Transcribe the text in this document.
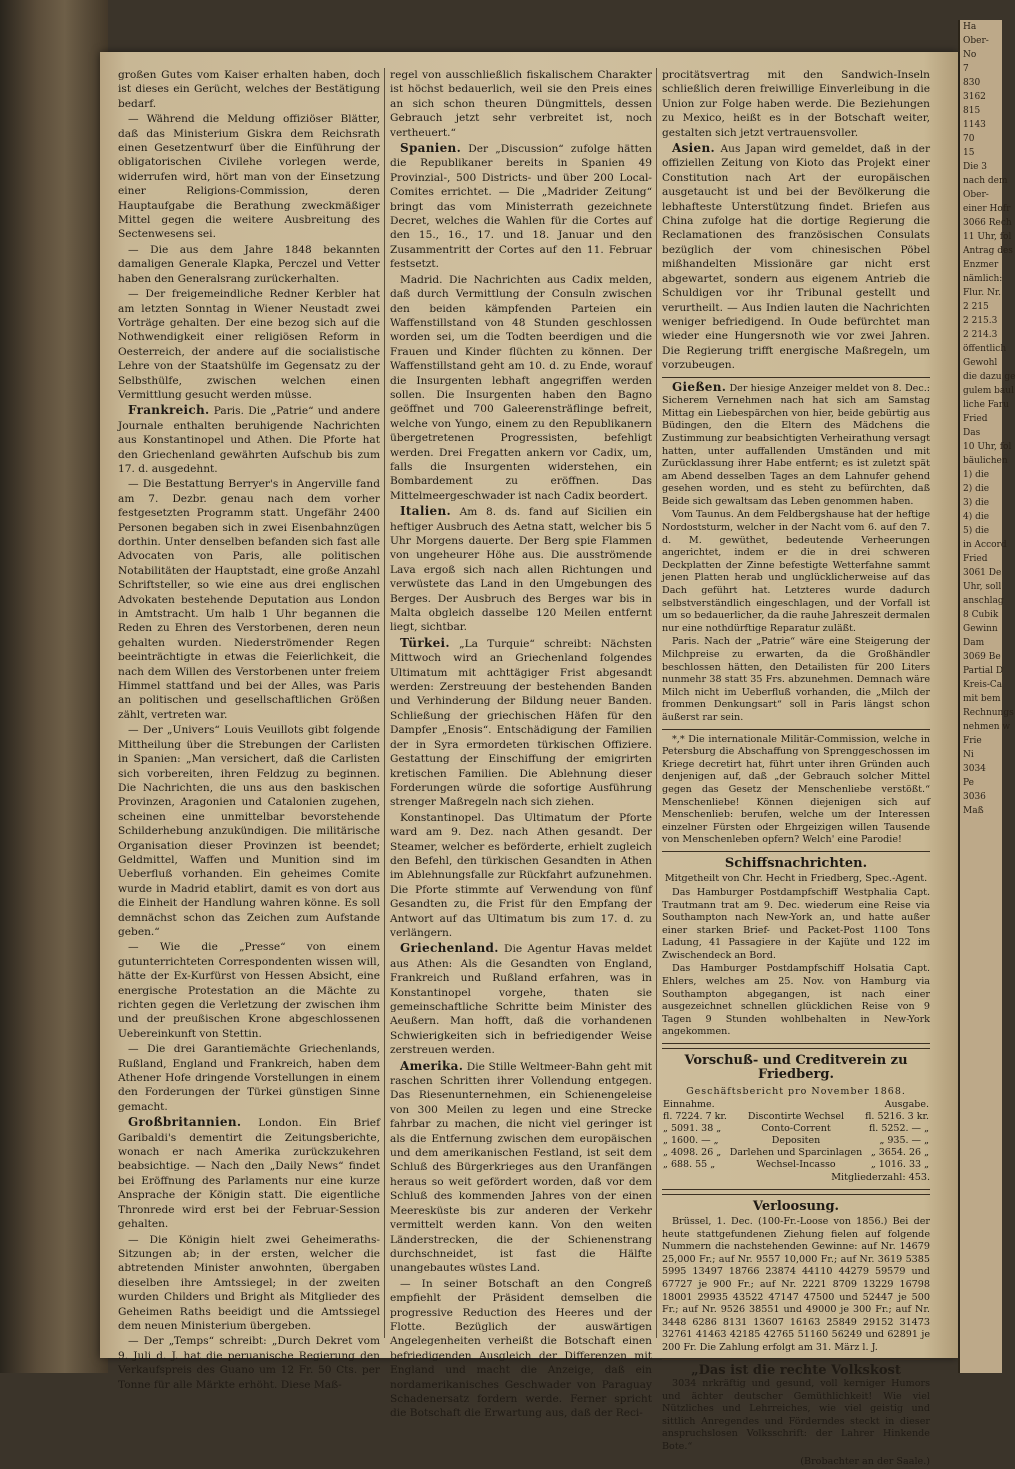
großen Gutes vom Kaiser erhalten haben, doch ist dieses ein Gerücht, welches der Bestätigung bedarf.

— Während die Meldung offiziöser Blätter, daß das Ministerium Giskra dem Reichsrath einen Gesetzentwurf über die Einführung der obligatorischen Civilehe vorlegen werde, widerrufen wird, hört man von der Einsetzung einer Religions-Commission, deren Hauptaufgabe die Berathung zweckmäßiger Mittel gegen die weitere Ausbreitung des Sectenwesens sei.

— Die aus dem Jahre 1848 bekannten damaligen Generale Klapka, Perczel und Vetter haben den Generalsrang zurückerhalten.

— Der freigemeindliche Redner Kerbler hat am letzten Sonntag in Wiener Neustadt zwei Vorträge gehalten. Der eine bezog sich auf die Nothwendigkeit einer religiösen Reform in Oesterreich, der andere auf die socialistische Lehre von der Staatshülfe im Gegensatz zu der Selbsthülfe, zwischen welchen einen Vermittlung gesucht werden müsse.

Frankreich. Paris. Die „Patrie“ und andere Journale enthalten beruhigende Nachrichten aus Konstantinopel und Athen. Die Pforte hat den Griechenland gewährten Aufschub bis zum 17. d. ausgedehnt.

— Die Bestattung Berryer's in Angerville fand am 7. Dezbr. genau nach dem vorher festgesetzten Programm statt. Ungefähr 2400 Personen begaben sich in zwei Eisenbahnzügen dorthin. Unter denselben befanden sich fast alle Advocaten von Paris, alle politischen Notabilitäten der Hauptstadt, eine große Anzahl Schriftsteller, so wie eine aus drei englischen Advokaten bestehende Deputation aus London in Amtstracht. Um halb 1 Uhr begannen die Reden zu Ehren des Verstorbenen, deren neun gehalten wurden. Niederströmender Regen beeinträchtigte in etwas die Feierlichkeit, die nach dem Willen des Verstorbenen unter freiem Himmel stattfand und bei der Alles, was Paris an politischen und gesellschaftlichen Größen zählt, vertreten war.

— Der „Univers“ Louis Veuillots gibt folgende Mittheilung über die Strebungen der Carlisten in Spanien: „Man versichert, daß die Carlisten sich vorbereiten, ihren Feldzug zu beginnen. Die Nachrichten, die uns aus den baskischen Provinzen, Aragonien und Catalonien zugehen, scheinen eine unmittelbar bevorstehende Schilderhebung anzukündigen. Die militärische Organisation dieser Provinzen ist beendet; Geldmittel, Waffen und Munition sind im Ueberfluß vorhanden. Ein geheimes Comite wurde in Madrid etablirt, damit es von dort aus die Einheit der Handlung wahren könne. Es soll demnächst schon das Zeichen zum Aufstande geben.“

— Wie die „Presse“ von einem gutunterrichteten Correspondenten wissen will, hätte der Ex-Kurfürst von Hessen Absicht, eine energische Protestation an die Mächte zu richten gegen die Verletzung der zwischen ihm und der preußischen Krone abgeschlossenen Uebereinkunft von Stettin.

— Die drei Garantiemächte Griechenlands, Rußland, England und Frankreich, haben dem Athener Hofe dringende Vorstellungen in einem den Forderungen der Türkei günstigen Sinne gemacht.

Großbritannien. London. Ein Brief Garibaldi's dementirt die Zeitungsberichte, wonach er nach Amerika zurückzukehren beabsichtige. — Nach den „Daily News“ findet bei Eröffnung des Parlaments nur eine kurze Ansprache der Königin statt. Die eigentliche Thronrede wird erst bei der Februar-Session gehalten.

— Die Königin hielt zwei Geheimeraths-Sitzungen ab; in der ersten, welcher die abtretenden Minister anwohnten, übergaben dieselben ihre Amtssiegel; in der zweiten wurden Childers und Bright als Mitglieder des Geheimen Raths beeidigt und die Amtssiegel dem neuen Ministerium übergeben.

— Der „Temps“ schreibt: „Durch Dekret vom 9. Juli d. J. hat die peruanische Regierung den Verkaufspreis des Guano um 12 Fr. 50 Cts. per Tonne für alle Märkte erhöht. Diese Maß-

regel von ausschließlich fiskalischem Charakter ist höchst bedauerlich, weil sie den Preis eines an sich schon theuren Düngmittels, dessen Gebrauch jetzt sehr verbreitet ist, noch vertheuert.“

Spanien. Der „Discussion“ zufolge hätten die Republikaner bereits in Spanien 49 Provinzial-, 500 Districts- und über 200 Local-Comites errichtet. — Die „Madrider Zeitung“ bringt das vom Ministerrath gezeichnete Decret, welches die Wahlen für die Cortes auf den 15., 16., 17. und 18. Januar und den Zusammentritt der Cortes auf den 11. Februar festsetzt.

Madrid. Die Nachrichten aus Cadix melden, daß durch Vermittlung der Consuln zwischen den beiden kämpfenden Parteien ein Waffenstillstand von 48 Stunden geschlossen worden sei, um die Todten beerdigen und die Frauen und Kinder flüchten zu können. Der Waffenstillstand geht am 10. d. zu Ende, worauf die Insurgenten lebhaft angegriffen werden sollen. Die Insurgenten haben den Bagno geöffnet und 700 Galeerensträflinge befreit, welche von Yungo, einem zu den Republikanern übergetretenen Progressisten, befehligt werden. Drei Fregatten ankern vor Cadix, um, falls die Insurgenten widerstehen, ein Bombardement zu eröffnen. Das Mittelmeergeschwader ist nach Cadix beordert.

Italien. Am 8. ds. fand auf Sicilien ein heftiger Ausbruch des Aetna statt, welcher bis 5 Uhr Morgens dauerte. Der Berg spie Flammen von ungeheurer Höhe aus. Die ausströmende Lava ergoß sich nach allen Richtungen und verwüstete das Land in den Umgebungen des Berges. Der Ausbruch des Berges war bis in Malta obgleich dasselbe 120 Meilen entfernt liegt, sichtbar.

Türkei. „La Turquie“ schreibt: Nächsten Mittwoch wird an Griechenland folgendes Ultimatum mit achttägiger Frist abgesandt werden: Zerstreuung der bestehenden Banden und Verhinderung der Bildung neuer Banden. Schließung der griechischen Häfen für den Dampfer „Enosis“. Entschädigung der Familien der in Syra ermordeten türkischen Offiziere. Gestattung der Einschiffung der emigrirten kretischen Familien. Die Ablehnung dieser Forderungen würde die sofortige Ausführung strenger Maßregeln nach sich ziehen.

Konstantinopel. Das Ultimatum der Pforte ward am 9. Dez. nach Athen gesandt. Der Steamer, welcher es beförderte, erhielt zugleich den Befehl, den türkischen Gesandten in Athen im Ablehnungsfalle zur Rückfahrt aufzunehmen. Die Pforte stimmte auf Verwendung von fünf Gesandten zu, die Frist für den Empfang der Antwort auf das Ultimatum bis zum 17. d. zu verlängern.

Griechenland. Die Agentur Havas meldet aus Athen: Als die Gesandten von England, Frankreich und Rußland erfahren, was in Konstantinopel vorgehe, thaten sie gemeinschaftliche Schritte beim Minister des Aeußern. Man hofft, daß die vorhandenen Schwierigkeiten sich in befriedigender Weise zerstreuen werden.

Amerika. Die Stille Weltmeer-Bahn geht mit raschen Schritten ihrer Vollendung entgegen. Das Riesenunternehmen, ein Schienengeleise von 300 Meilen zu legen und eine Strecke fahrbar zu machen, die nicht viel geringer ist als die Entfernung zwischen dem europäischen und dem amerikanischen Festland, ist seit dem Schluß des Bürgerkrieges aus den Uranfängen heraus so weit gefördert worden, daß vor dem Schluß des kommenden Jahres von der einen Meeresküste bis zur anderen der Verkehr vermittelt werden kann. Von den weiten Länderstrecken, die der Schienenstrang durchschneidet, ist fast die Hälfte unangebautes wüstes Land.

— In seiner Botschaft an den Congreß empfiehlt der Präsident demselben die progressive Reduction des Heeres und der Flotte. Bezüglich der auswärtigen Angelegenheiten verheißt die Botschaft einen befriedigenden Ausgleich der Differenzen mit England und macht die Anzeige, daß ein nordamerikanisches Geschwader von Paraguay Schadenersatz fordern werde. Ferner spricht die Botschaft die Erwartung aus, daß der Reci-

procitätsvertrag mit den Sandwich-Inseln schließlich deren freiwillige Einverleibung in die Union zur Folge haben werde. Die Beziehungen zu Mexico, heißt es in der Botschaft weiter, gestalten sich jetzt vertrauensvoller.

Asien. Aus Japan wird gemeldet, daß in der offiziellen Zeitung von Kioto das Projekt einer Constitution nach Art der europäischen ausgetaucht ist und bei der Bevölkerung die lebhafteste Unterstützung findet. Briefen aus China zufolge hat die dortige Regierung die Reclamationen des französischen Consulats bezüglich der vom chinesischen Pöbel mißhandelten Missionäre gar nicht erst abgewartet, sondern aus eigenem Antrieb die Schuldigen vor ihr Tribunal gestellt und verurtheilt. — Aus Indien lauten die Nachrichten weniger befriedigend. In Oude befürchtet man wieder eine Hungersnoth wie vor zwei Jahren. Die Regierung trifft energische Maßregeln, um vorzubeugen.

Gießen. Der hiesige Anzeiger meldet von 8. Dec.: Sicherem Vernehmen nach hat sich am Samstag Mittag ein Liebespärchen von hier, beide gebürtig aus Büdingen, den die Eltern des Mädchens die Zustimmung zur beabsichtigten Verheirathung versagt hatten, unter auffallenden Umständen und mit Zurücklassung ihrer Habe entfernt; es ist zuletzt spät am Abend desselben Tages an dem Lahnufer gehend gesehen worden, und es steht zu befürchten, daß Beide sich gewaltsam das Leben genommen haben.

Vom Taunus. An dem Feldbergshause hat der heftige Nordoststurm, welcher in der Nacht vom 6. auf den 7. d. M. gewüthet, bedeutende Verheerungen angerichtet, indem er die in drei schweren Deckplatten der Zinne befestigte Wetterfahne sammt jenen Platten herab und unglücklicherweise auf das Dach geführt hat. Letzteres wurde dadurch selbstverständlich eingeschlagen, und der Vorfall ist um so bedauerlicher, da die rauhe Jahreszeit dermalen nur eine nothdürftige Reparatur zuläßt.

Paris. Nach der „Patrie“ wäre eine Steigerung der Milchpreise zu erwarten, da die Großhändler beschlossen hätten, den Detailisten für 200 Liters nunmehr 38 statt 35 Frs. abzunehmen. Demnach wäre Milch nicht im Ueberfluß vorhanden, die „Milch der frommen Denkungsart“ soll in Paris längst schon äußerst rar sein.

*,* Die internationale Militär-Commission, welche in Petersburg die Abschaffung von Sprenggeschossen im Kriege decretirt hat, führt unter ihren Gründen auch denjenigen auf, daß „der Gebrauch solcher Mittel gegen das Gesetz der Menschenliebe verstößt.“ Menschenliebe! Können diejenigen sich auf Menschenlieb: berufen, welche um der Interessen einzelner Fürsten oder Ehrgeizigen willen Tausende von Menschenleben opfern? Welch' eine Parodie!

Schiffsnachrichten.

Mitgetheilt von Chr. Hecht in Friedberg, Spec.-Agent.

Das Hamburger Postdampfschiff Westphalia Capt. Trautmann trat am 9. Dec. wiederum eine Reise via Southampton nach New-York an, und hatte außer einer starken Brief- und Packet-Post 1100 Tons Ladung, 41 Passagiere in der Kajüte und 122 im Zwischendeck an Bord.

Das Hamburger Postdampfschiff Holsatia Capt. Ehlers, welches am 25. Nov. von Hamburg via Southampton abgegangen, ist nach einer ausgezeichnet schnellen glücklichen Reise von 9 Tagen 9 Stunden wohlbehalten in New-York angekommen.

Vorschuß- und Creditverein zu Friedberg.
Geschäftsbericht pro November 1868.
Einnahme.		Ausgabe.
fl. 7224. 7 kr.	Discontirte Wechsel	fl. 5216. 3 kr.
„ 5091. 38 „	Conto-Corrent	fl. 5252. — „
„ 1600. — „	Depositen	„ 935. — „
„ 4098. 26 „	Darlehen und Sparcinlagen	„ 3654. 26 „
„ 688. 55 „	Wechsel-Incasso	„ 1016. 33 „
Mitgliederzahl: 453.
Verloosung.

Brüssel, 1. Dec. (100-Fr.-Loose von 1856.) Bei der heute stattgefundenen Ziehung fielen auf folgende Nummern die nachstehenden Gewinne: auf Nr. 14679 25,000 Fr.; auf Nr. 9557 10,000 Fr.; auf Nr. 3619 5385 5995 13497 18766 23874 44110 44279 59579 und 67727 je 900 Fr.; auf Nr. 2221 8709 13229 16798 18001 29935 43522 47147 47500 und 52447 je 500 Fr.; auf Nr. 9526 38551 und 49000 je 300 Fr.; auf Nr. 3448 6286 8131 13607 16163 25849 29152 31473 32761 41463 42185 42765 51160 56249 und 62891 je 200 Fr. Die Zahlung erfolgt am 31. März l. J.

„Das ist die rechte Volkskost

3034 nrkräftig und gesund, voll kerniger Humors und ächter deutscher Gemüthlichkeit! Wie viel Nützliches und Lehrreiches, wie viel geistig und sittlich Anregendes und Förderndes steckt in dieser anspruchslosen Volksschrift: der Lahrer Hinkende Bote.“

(Brobachter an der Saale.)
Ha
Ober-
No
7
830
3162
815
1143
70
15
Die 3
nach dem
Ober-
einer Hofr
3066 Rech
11 Uhr, fol
Antrag des
Enzmer
nämlich:
Flur. Nr.
2 215
2 215.3
2 214.3
öffentlich
Gewohl
die dazu ge
gulem baul
liche Faru
Fried
Das
10 Uhr, fol
bäulichen
1) die
2) die
3) die
4) die
5) die
in Accord
Fried
3061 De
Uhr, soll
anschlag
8 Cubik
Gewinn
Dam
3069 Be
Partial D
Kreis-Ca
mit bem
Rechnungs
nehmen w
Frie
Ni
3034
Pe
3036
Maß
